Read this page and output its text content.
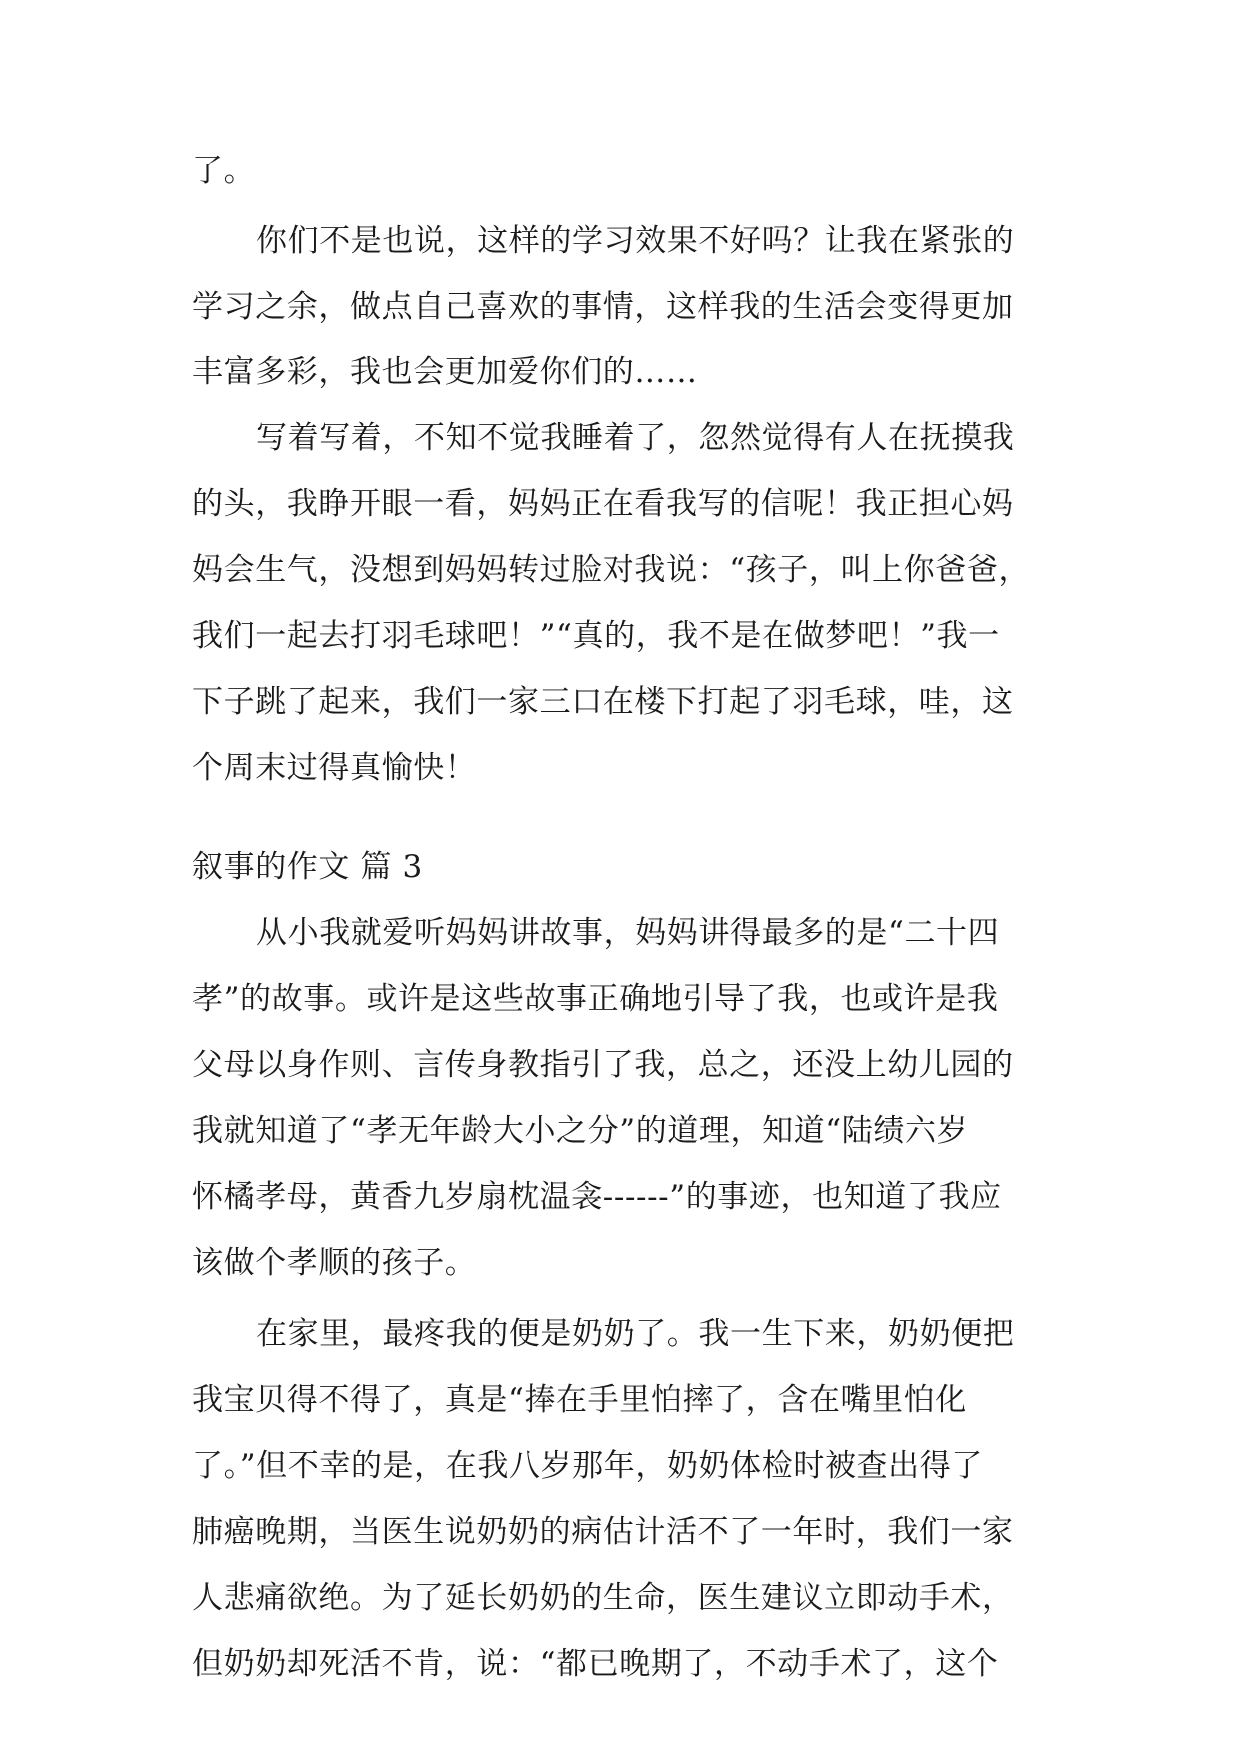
了。
你们不是也说，这样的学习效果不好吗？让我在紧张的
学习之余，做点自己喜欢的事情，这样我的生活会变得更加
丰富多彩，我也会更加爱你们的……
写着写着，不知不觉我睡着了，忽然觉得有人在抚摸我
的头，我睁开眼一看，妈妈正在看我写的信呢！我正担心妈
妈会生气，没想到妈妈转过脸对我说：“孩子，叫上你爸爸，
我们一起去打羽毛球吧！”“真的，我不是在做梦吧！”我一
下子跳了起来，我们一家三口在楼下打起了羽毛球，哇，这
个周末过得真愉快！
叙事的作文 篇 3
从小我就爱听妈妈讲故事，妈妈讲得最多的是“二十四
孝”的故事。或许是这些故事正确地引导了我，也或许是我
父母以身作则、言传身教指引了我，总之，还没上幼儿园的
我就知道了“孝无年龄大小之分”的道理，知道“陆绩六岁
怀橘孝母，黄香九岁扇枕温衾------”的事迹，也知道了我应
该做个孝顺的孩子。
在家里，最疼我的便是奶奶了。我一生下来，奶奶便把
我宝贝得不得了，真是“捧在手里怕摔了，含在嘴里怕化
了。”但不幸的是，在我八岁那年，奶奶体检时被查出得了
肺癌晚期，当医生说奶奶的病估计活不了一年时，我们一家
人悲痛欲绝。为了延长奶奶的生命，医生建议立即动手术，
但奶奶却死活不肯，说：“都已晚期了，不动手术了，这个
